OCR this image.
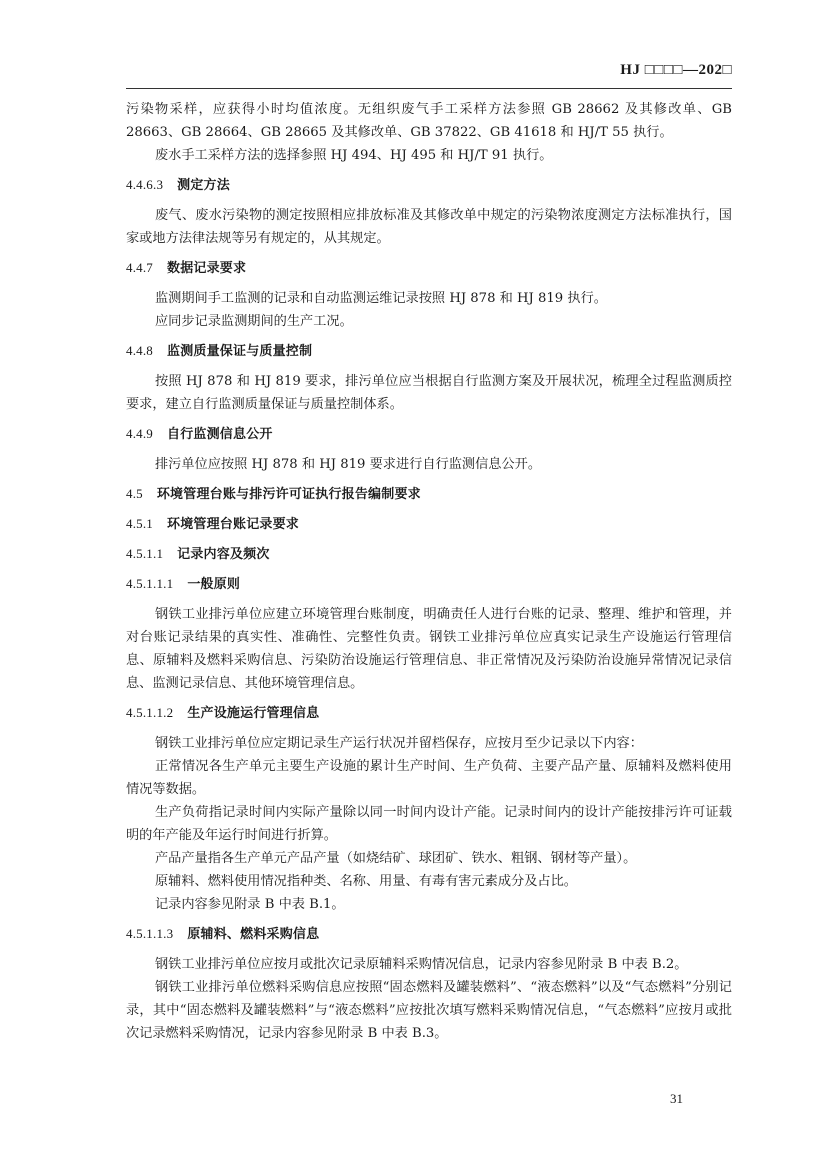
HJ □□□□—202□

污染物采样，应获得小时均值浓度。无组织废气手工采样方法参照 GB 28662 及其修改单、GB 28663、GB 28664、GB 28665 及其修改单、GB 37822、GB 41618 和 HJ/T 55 执行。

废水手工采样方法的选择参照 HJ 494、HJ 495 和 HJ/T 91 执行。

4.4.6.3 测定方法

废气、废水污染物的测定按照相应排放标准及其修改单中规定的污染物浓度测定方法标准执行，国家或地方法律法规等另有规定的，从其规定。

4.4.7 数据记录要求

监测期间手工监测的记录和自动监测运维记录按照 HJ 878 和 HJ 819 执行。

应同步记录监测期间的生产工况。

4.4.8 监测质量保证与质量控制

按照 HJ 878 和 HJ 819 要求，排污单位应当根据自行监测方案及开展状况，梳理全过程监测质控要求，建立自行监测质量保证与质量控制体系。

4.4.9 自行监测信息公开

排污单位应按照 HJ 878 和 HJ 819 要求进行自行监测信息公开。

4.5 环境管理台账与排污许可证执行报告编制要求
4.5.1 环境管理台账记录要求
4.5.1.1 记录内容及频次
4.5.1.1.1 一般原则

钢铁工业排污单位应建立环境管理台账制度，明确责任人进行台账的记录、整理、维护和管理，并对台账记录结果的真实性、准确性、完整性负责。钢铁工业排污单位应真实记录生产设施运行管理信息、原辅料及燃料采购信息、污染防治设施运行管理信息、非正常情况及污染防治设施异常情况记录信息、监测记录信息、其他环境管理信息。

4.5.1.1.2 生产设施运行管理信息

钢铁工业排污单位应定期记录生产运行状况并留档保存，应按月至少记录以下内容：

正常情况各生产单元主要生产设施的累计生产时间、生产负荷、主要产品产量、原辅料及燃料使用情况等数据。

生产负荷指记录时间内实际产量除以同一时间内设计产能。记录时间内的设计产能按排污许可证载明的年产能及年运行时间进行折算。

产品产量指各生产单元产品产量（如烧结矿、球团矿、铁水、粗钢、钢材等产量）。

原辅料、燃料使用情况指种类、名称、用量、有毒有害元素成分及占比。

记录内容参见附录 B 中表 B.1。

4.5.1.1.3 原辅料、燃料采购信息

钢铁工业排污单位应按月或批次记录原辅料采购情况信息，记录内容参见附录 B 中表 B.2。

钢铁工业排污单位燃料采购信息应按照“固态燃料及罐装燃料”、“液态燃料”以及“气态燃料”分别记录，其中“固态燃料及罐装燃料”与“液态燃料”应按批次填写燃料采购情况信息，“气态燃料”应按月或批次记录燃料采购情况，记录内容参见附录 B 中表 B.3。

31
